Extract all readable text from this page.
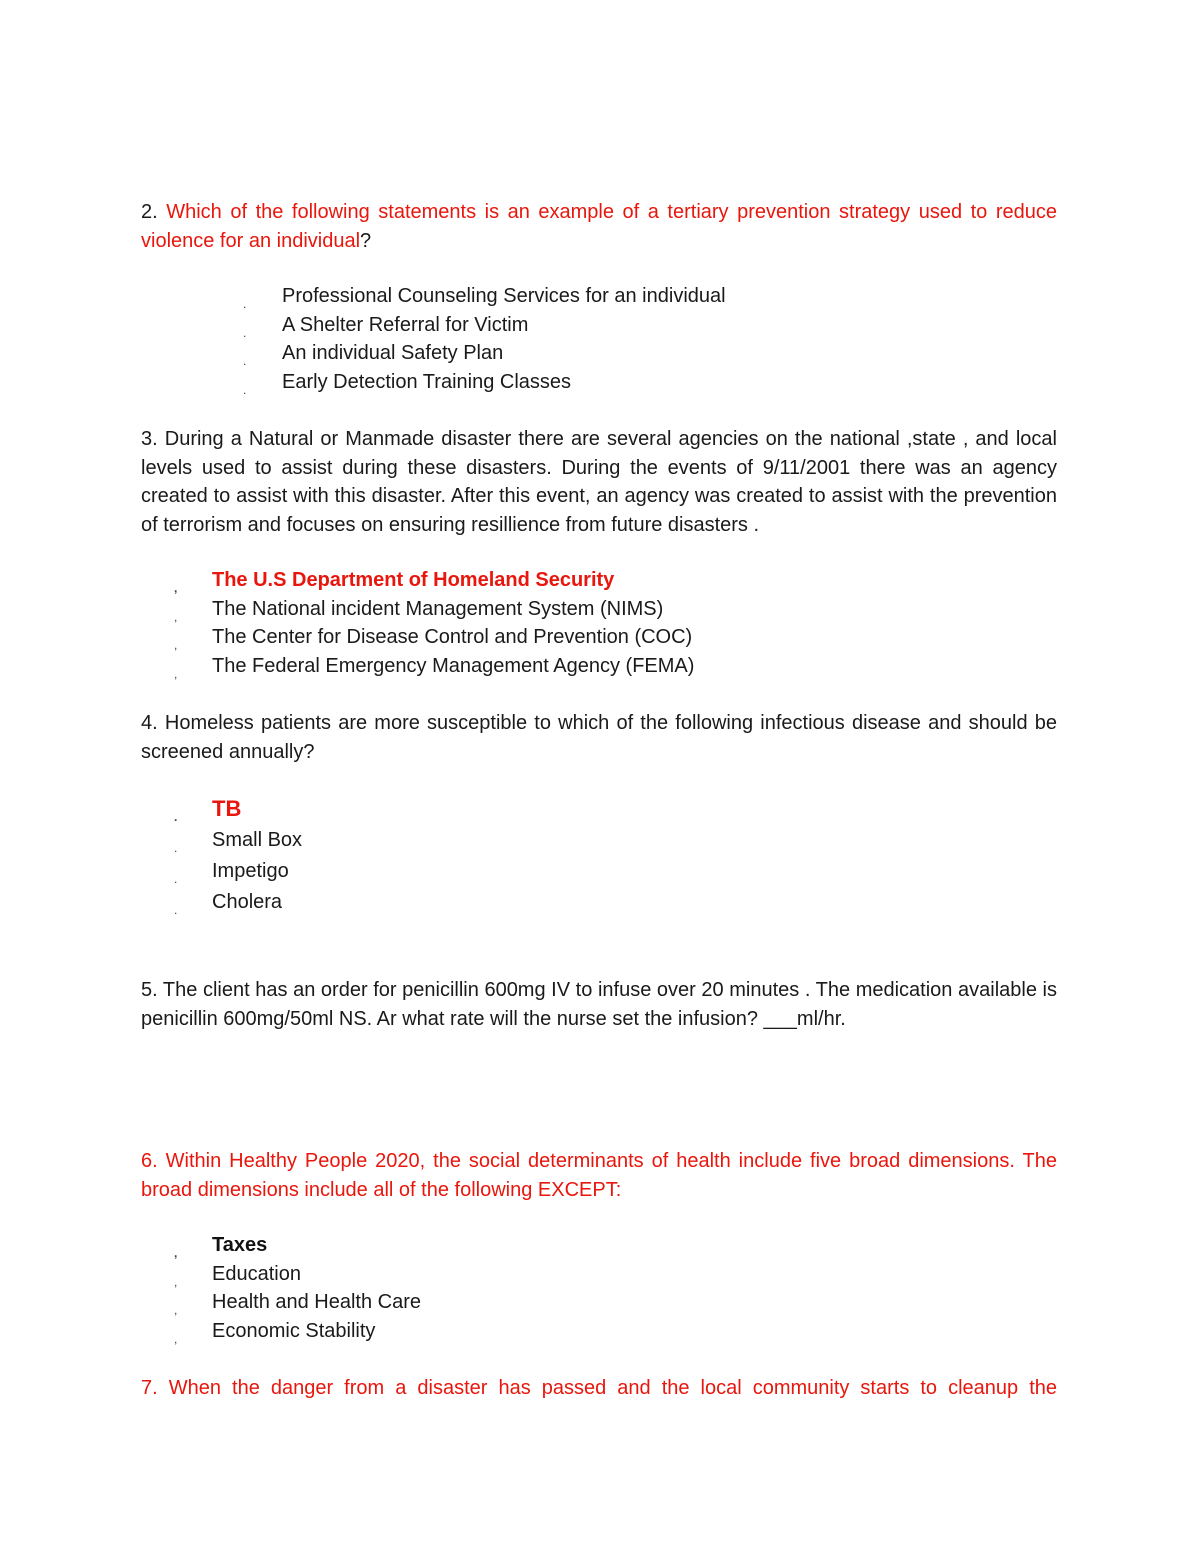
2. Which of the following statements is an example of a tertiary prevention strategy used to reduce violence for an individual?

. Professional Counseling Services for an individual
. A Shelter Referral for Victim
. An individual Safety Plan
. Early Detection Training Classes

3. During a Natural or Manmade disaster there are several agencies on the national ,state , and local levels used to assist during these disasters. During the events of 9/11/2001 there was an agency created to assist with this disaster. After this event, an agency was created to assist with the prevention of terrorism and focuses on ensuring resillience from future disasters .

, The U.S Department of Homeland Security
, The National incident Management System (NIMS)
, The Center for Disease Control and Prevention (COC)
, The Federal Emergency Management Agency (FEMA)

4. Homeless patients are more susceptible to which of the following infectious disease and should be screened annually?

. TB
. Small Box
. Impetigo
. Cholera

5. The client has an order for penicillin 600mg IV to infuse over 20 minutes . The medication available is penicillin 600mg/50ml NS. Ar what rate will the nurse set the infusion? ___ml/hr.

6. Within Healthy People 2020, the social determinants of health include five broad dimensions. The broad dimensions include all of the following EXCEPT:

, Taxes
, Education
, Health and Health Care
, Economic Stability

7. When the danger from a disaster has passed and the local community starts to cleanup the
